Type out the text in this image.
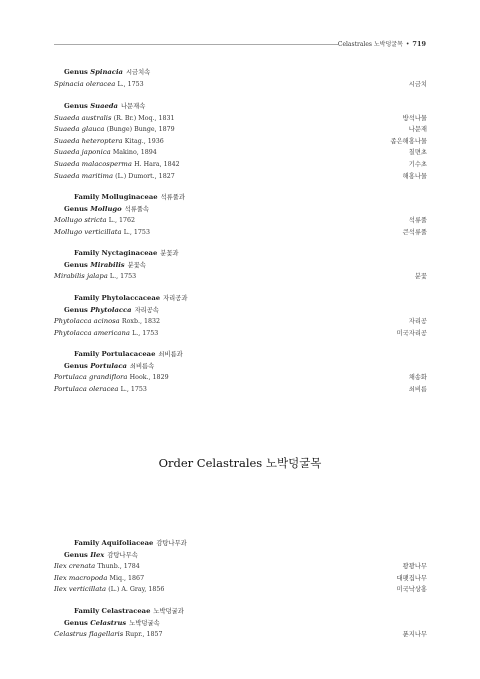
Celastrales 노박덩굴목 • 719
Genus Spinacia 시금치속
Spinacia oleracea L., 1753	시금치
Genus Suaeda 나문재속
Suaeda australis (R. Br.) Moq., 1831	방석나물
Suaeda glauca (Bunge) Bunge, 1879	나문재
Suaeda heteroptera Kitag., 1936	좁은해홍나물
Suaeda japonica Makino, 1894	칠면초
Suaeda malacosperma H. Hara, 1842	기수초
Suaeda maritima (L.) Dumort., 1827	해홍나물
Family Molluginaceae 석류풀과
Genus Mollugo 석류풀속
Mollugo stricta L., 1762	석류풀
Mollugo verticillata L., 1753	큰석류풀
Family Nyctaginaceae 분꽃과
Genus Mirabilis 분꽃속
Mirabilis jalapa L., 1753	분꽃
Family Phytolaccaceae 자리공과
Genus Phytolacca 자리공속
Phytolacca acinosa Roxb., 1832	자리공
Phytolacca americana L., 1753	미국자리공
Family Portulacaceae 쇠비름과
Genus Portulaca 쇠비름속
Portulaca grandiflora Hook., 1829	채송화
Portulaca oleracea L., 1753	쇠비름
Order Celastrales 노박덩굴목
Family Aquifoliaceae 감탕나무과
Genus Ilex 감탕나무속
Ilex crenata Thunb., 1784	꽝꽝나무
Ilex macropoda Miq., 1867	대팻집나무
Ilex verticillata (L.) A. Gray, 1856	미국낙상홍
Family Celastraceae 노박덩굴과
Genus Celastrus 노박덩굴속
Celastrus flagellaris Rupr., 1857	푼지나무
